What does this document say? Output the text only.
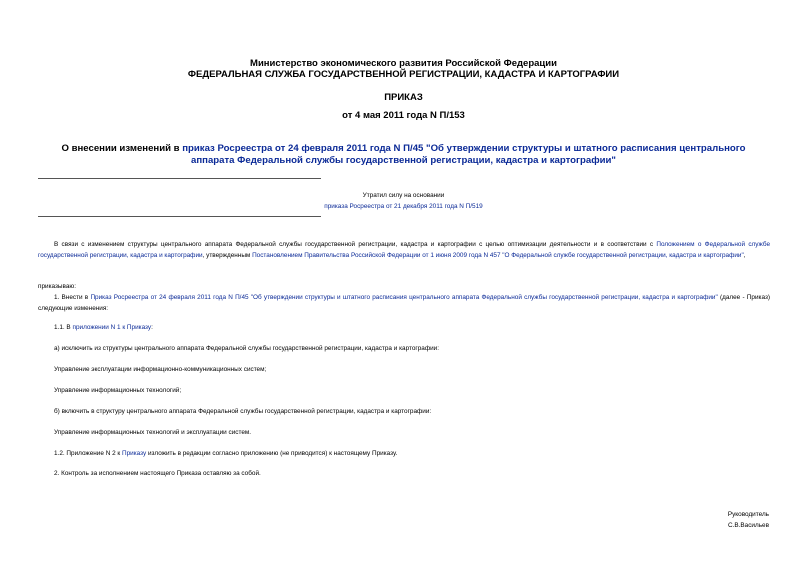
Министерство экономического развития Российской Федерации
ФЕДЕРАЛЬНАЯ СЛУЖБА ГОСУДАРСТВЕННОЙ РЕГИСТРАЦИИ, КАДАСТРА И КАРТОГРАФИИ
ПРИКАЗ
от 4 мая 2011 года N П/153
О внесении изменений в приказ Росреестра от 24 февраля 2011 года N П/45 "Об утверждении структуры и штатного расписания центрального аппарата Федеральной службы государственной регистрации, кадастра и картографии"
Утратил силу на основании
приказа Росреестра от 21 декабря 2011 года N П/519
В связи с изменением структуры центрального аппарата Федеральной службы государственной регистрации, кадастра и картографии с целью оптимизации деятельности и в соответствии с Положением о Федеральной службе государственной регистрации, кадастра и картографии, утвержденным Постановлением Правительства Российской Федерации от 1 июня 2009 года N 457 "О Федеральной службе государственной регистрации, кадастра и картографии",
приказываю:
1. Внести в Приказ Росреестра от 24 февраля 2011 года N П/45 "Об утверждении структуры и штатного расписания центрального аппарата Федеральной службы государственной регистрации, кадастра и картографии" (далее - Приказ) следующие изменения:
1.1. В приложении N 1 к Приказу:
а) исключить из структуры центрального аппарата Федеральной службы государственной регистрации, кадастра и картографии:
Управление эксплуатации информационно-коммуникационных систем;
Управление информационных технологий;
б) включить в структуру центрального аппарата Федеральной службы государственной регистрации, кадастра и картографии:
Управление информационных технологий и эксплуатации систем.
1.2. Приложение N 2 к Приказу изложить в редакции согласно приложению (не приводится) к настоящему Приказу.
2. Контроль за исполнением настоящего Приказа оставляю за собой.
Руководитель
С.В.Васильев
